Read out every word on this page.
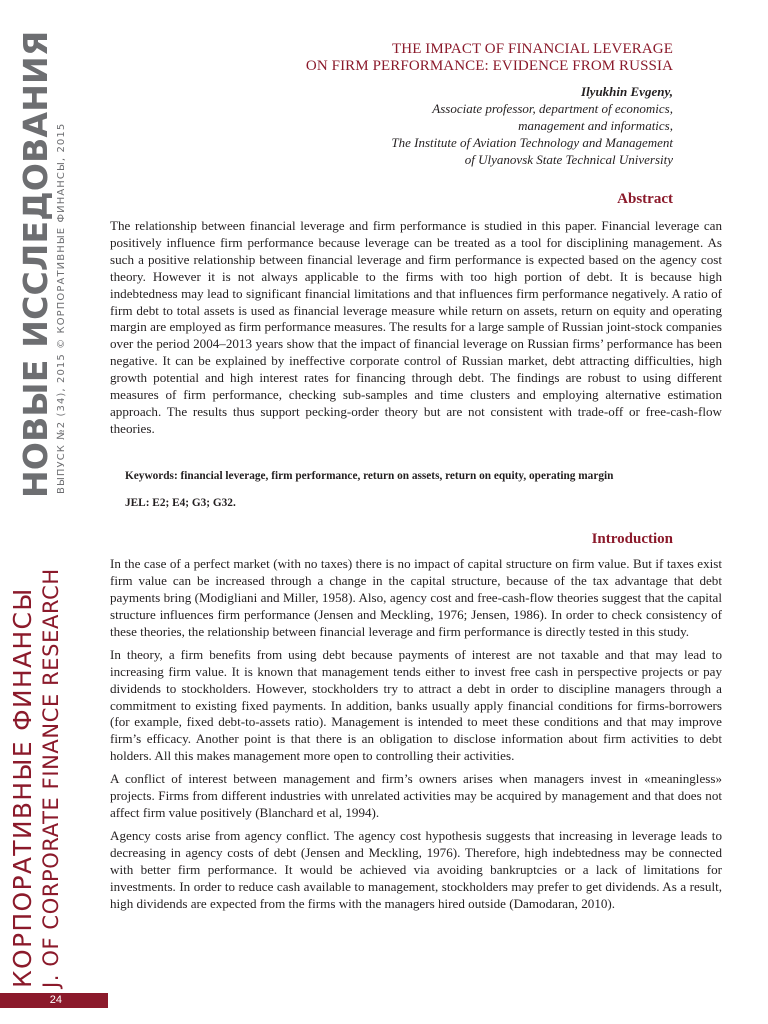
КОРПОРАТИВНЫЕ ФИНАНСЫ J. OF CORPORATE FINANCE RESEARCH
НОВЫЕ ИССЛЕДОВАНИЯ ВЫПУСК №2 (34), 2015 © КОРПОРАТИВНЫЕ ФИНАНСЫ, 2015
24
THE IMPACT OF FINANCIAL LEVERAGE
ON FIRM PERFORMANCE: EVIDENCE FROM RUSSIA
Ilyukhin Evgeny,
Associate professor, department of economics,
management and informatics,
The Institute of Aviation Technology and Management
of Ulyanovsk State Technical University
Abstract

The relationship between financial leverage and firm performance is studied in this paper. Financial leverage can positively influence firm performance because leverage can be treated as a tool for disciplining management. As such a positive relationship between financial leverage and firm performance is expected based on the agency cost theory. However it is not always applicable to the firms with too high portion of debt. It is because high indebtedness may lead to significant financial limitations and that influences firm performance negatively. A ratio of firm debt to total assets is used as financial leverage measure while return on assets, return on equity and operating margin are employed as firm performance measures. The results for a large sample of Russian joint-stock companies over the period 2004–2013 years show that the impact of financial leverage on Russian firms’ performance has been negative. It can be explained by ineffective corporate control of Russian market, debt attracting difficulties, high growth potential and high interest rates for financing through debt. The findings are robust to using different measures of firm performance, checking sub-samples and time clusters and employing alternative estimation approach. The results thus support pecking-order theory but are not consistent with trade-off or free-cash-flow theories.

Keywords: financial leverage, firm performance, return on assets, return on equity, operating margin
JEL: E2; E4; G3; G32.
Introduction

In the case of a perfect market (with no taxes) there is no impact of capital structure on firm value. But if taxes exist firm value can be increased through a change in the capital structure, because of the tax advantage that debt payments bring (Modigliani and Miller, 1958). Also, agency cost and free-cash-flow theories suggest that the capital structure influences firm performance (Jensen and Meckling, 1976; Jensen, 1986). In order to check consistency of these theories, the relationship between financial leverage and firm performance is directly tested in this study.

In theory, a firm benefits from using debt because payments of interest are not taxable and that may lead to increasing firm value. It is known that management tends either to invest free cash in perspective projects or pay dividends to stockholders. However, stockholders try to attract a debt in order to discipline managers through a commitment to existing fixed payments. In addition, banks usually apply financial conditions for firms-borrowers (for example, fixed debt-to-assets ratio). Management is intended to meet these conditions and that may improve firm’s efficacy. Another point is that there is an obligation to disclose information about firm activities to debt holders. All this makes management more open to controlling their activities.

A conflict of interest between management and firm’s owners arises when managers invest in «meaningless» projects. Firms from different industries with unrelated activities may be acquired by management and that does not affect firm value positively (Blanchard et al, 1994).

Agency costs arise from agency conflict. The agency cost hypothesis suggests that increasing in leverage leads to decreasing in agency costs of debt (Jensen and Meckling, 1976). Therefore, high indebtedness may be connected with better firm performance. It would be achieved via avoiding bankruptcies or a lack of limitations for investments. In order to reduce cash available to management, stockholders may prefer to get dividends. As a result, high dividends are expected from the firms with the managers hired outside (Damodaran, 2010).
